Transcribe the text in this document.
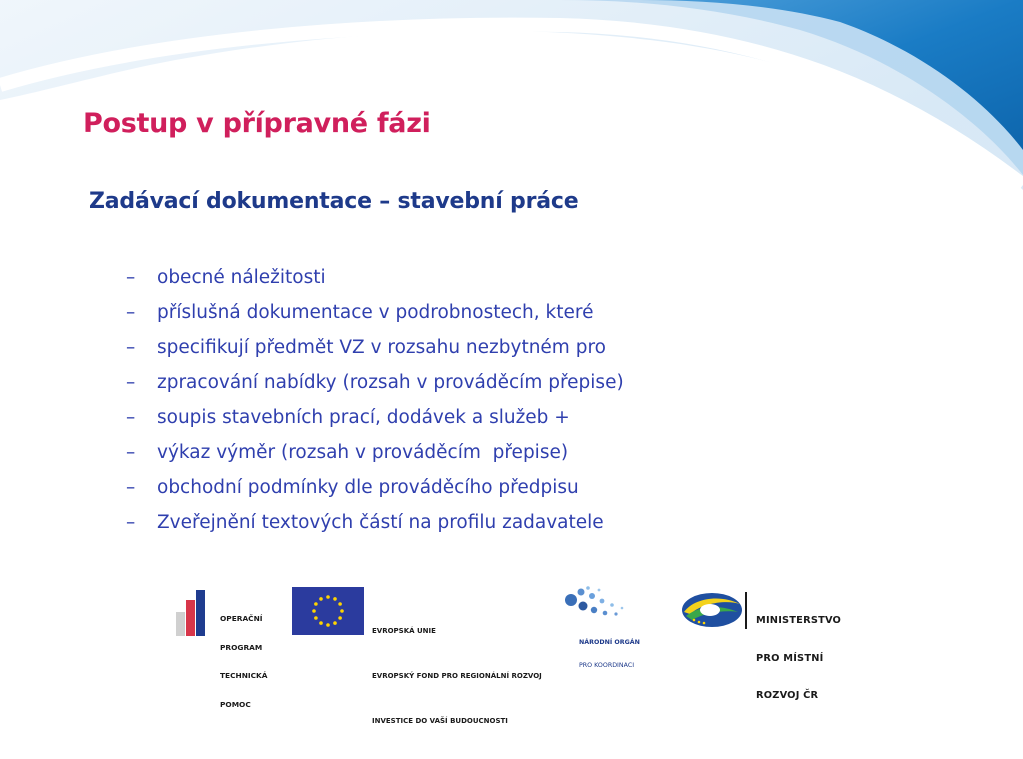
Postup v přípravné fázi
Zadávací dokumentace – stavební práce
– obecné náležitosti
– příslušná dokumentace v podrobnostech, které
– specifikují předmět VZ v rozsahu nezbytném pro
– zpracování nabídky (rozsah v prováděcím přepise)
– soupis stavebních prací, dodávek a služeb +
– výkaz výměr (rozsah v prováděcím  přepise)
– obchodní podmínky dle prováděcího předpisu
– Zveřejnění textových částí na profilu zadavatele

OPERAČNÍ

PROGRAM

TECHNICKÁ

POMOC

EVROPSKÁ UNIE

EVROPSKÝ FOND PRO REGIONÁLNÍ ROZVOJ

INVESTICE DO VAŠÍ BUDOUCNOSTI

NÁRODNÍ ORGÁN

PRO KOORDINACI

MINISTERSTVO

PRO MÍSTNÍ

ROZVOJ ČR
